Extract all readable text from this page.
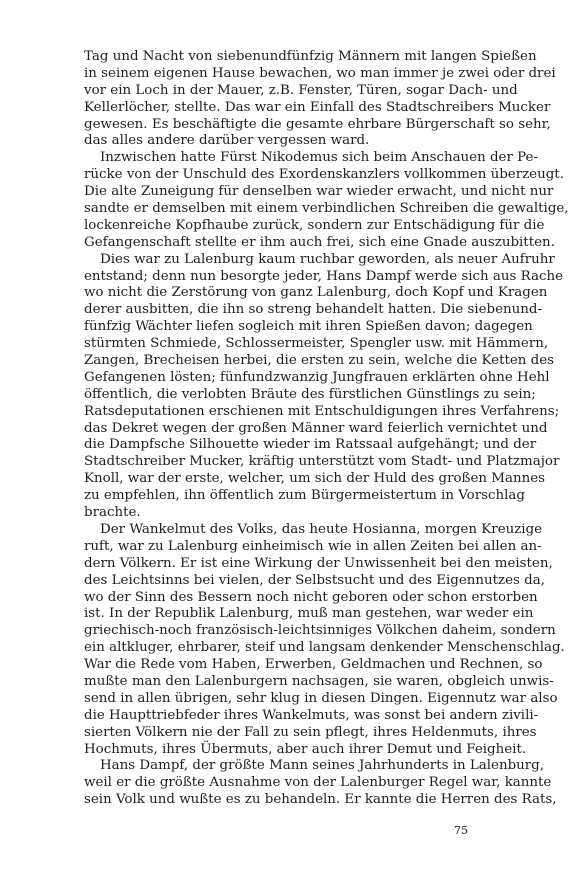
Tag und Nacht von siebenundfünfzig Männern mit langen Spießen
in seinem eigenen Hause bewachen, wo man immer je zwei oder drei
vor ein Loch in der Mauer, z.B. Fenster, Türen, sogar Dach- und
Kellerlöcher, stellte. Das war ein Einfall des Stadtschreibers Mucker
gewesen. Es beschäftigte die gesamte ehrbare Bürgerschaft so sehr,
das alles andere darüber vergessen ward.
Inzwischen hatte Fürst Nikodemus sich beim Anschauen der Pe-
rücke von der Unschuld des Exordenskanzlers vollkommen überzeugt.
Die alte Zuneigung für denselben war wieder erwacht, und nicht nur
sandte er demselben mit einem verbindlichen Schreiben die gewaltige,
lockenreiche Kopfhaube zurück, sondern zur Entschädigung für die
Gefangenschaft stellte er ihm auch frei, sich eine Gnade auszubitten.
Dies war zu Lalenburg kaum ruchbar geworden, als neuer Aufruhr
entstand; denn nun besorgte jeder, Hans Dampf werde sich aus Rache
wo nicht die Zerstörung von ganz Lalenburg, doch Kopf und Kragen
derer ausbitten, die ihn so streng behandelt hatten. Die siebenund-
fünfzig Wächter liefen sogleich mit ihren Spießen davon; dagegen
stürmten Schmiede, Schlossermeister, Spengler usw. mit Hämmern,
Zangen, Brecheisen herbei, die ersten zu sein, welche die Ketten des
Gefangenen lösten; fünfundzwanzig Jungfrauen erklärten ohne Hehl
öffentlich, die verlobten Bräute des fürstlichen Günstlings zu sein;
Ratsdeputationen erschienen mit Entschuldigungen ihres Verfahrens;
das Dekret wegen der großen Männer ward feierlich vernichtet und
die Dampfsche Silhouette wieder im Ratssaal aufgehängt; und der
Stadtschreiber Mucker, kräftig unterstützt vom Stadt- und Platzmajor
Knoll, war der erste, welcher, um sich der Huld des großen Mannes
zu empfehlen, ihn öffentlich zum Bürgermeistertum in Vorschlag
brachte.
Der Wankelmut des Volks, das heute Hosianna, morgen Kreuzige
ruft, war zu Lalenburg einheimisch wie in allen Zeiten bei allen an-
dern Völkern. Er ist eine Wirkung der Unwissenheit bei den meisten,
des Leichtsinns bei vielen, der Selbstsucht und des Eigennutzes da,
wo der Sinn des Bessern noch nicht geboren oder schon erstorben
ist. In der Republik Lalenburg, muß man gestehen, war weder ein
griechisch-noch französisch-leichtsinniges Völkchen daheim, sondern
ein altkluger, ehrbarer, steif und langsam denkender Menschenschlag.
War die Rede vom Haben, Erwerben, Geldmachen und Rechnen, so
mußte man den Lalenburgern nachsagen, sie waren, obgleich unwis-
send in allen übrigen, sehr klug in diesen Dingen. Eigennutz war also
die Haupttriebfeder ihres Wankelmuts, was sonst bei andern zivili-
sierten Völkern nie der Fall zu sein pflegt, ihres Heldenmuts, ihres
Hochmuts, ihres Übermuts, aber auch ihrer Demut und Feigheit.
Hans Dampf, der größte Mann seines Jahrhunderts in Lalenburg,
weil er die größte Ausnahme von der Lalenburger Regel war, kannte
sein Volk und wußte es zu behandeln. Er kannte die Herren des Rats,
75
